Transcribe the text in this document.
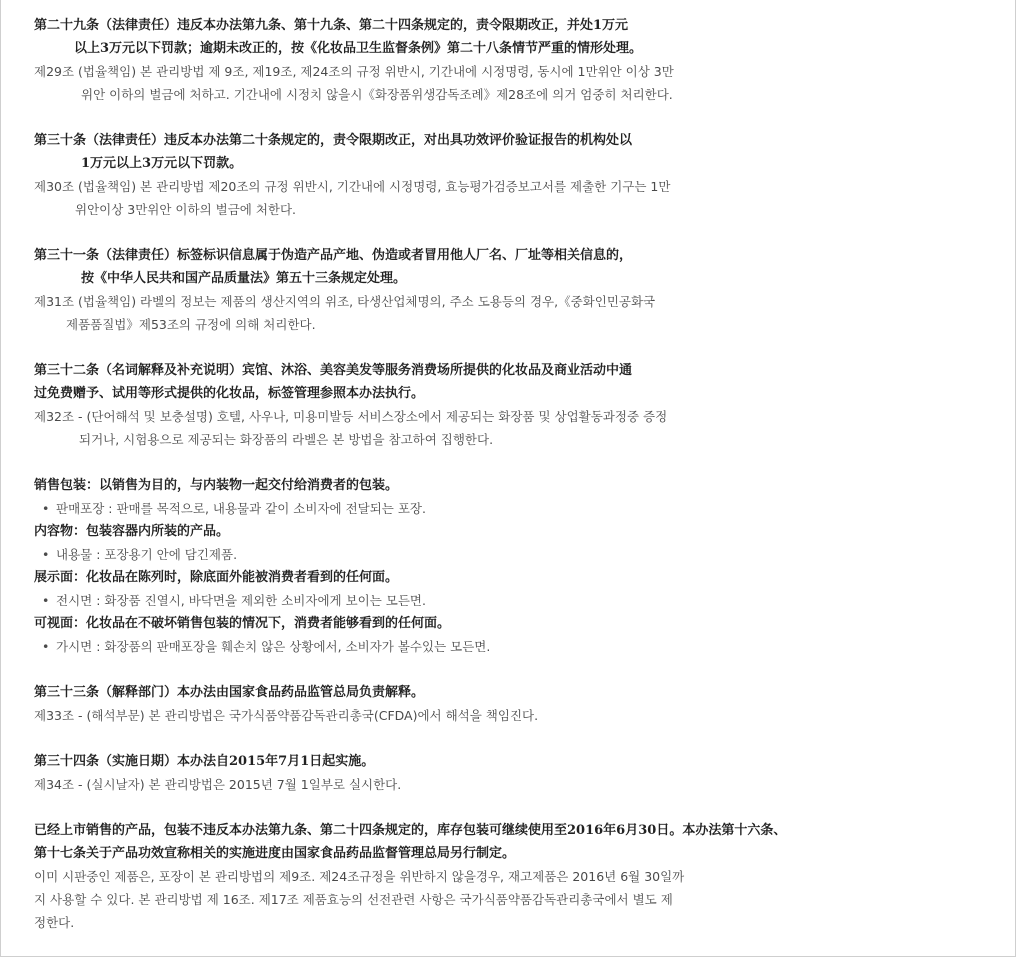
第二十九条（法律责任）违反本办法第九条、第十九条、第二十四条规定的，责令限期改正，并处1万元
以上3万元以下罚款；逾期未改正的，按《化妆品卫生监督条例》第二十八条情节严重的情形处理。
제29조 (법율책임) 본 관리방법 제 9조, 제19조, 제24조의 규정 위반시, 기간내에 시정명령, 동시에 1만위안 이상 3만
위안 이하의 벌금에 처하고. 기간내에 시정치 않을시《화장품위생감독조례》제28조에 의거 엄중히 처리한다.
第三十条（法律责任）违反本办法第二十条规定的，责令限期改正，对出具功效评价验证报告的机构处以
1万元以上3万元以下罚款。
제30조 (법율책임) 본 관리방법 제20조의 규정 위반시, 기간내에 시정명령, 효능평가검증보고서를 제출한 기구는 1만
위안이상 3만위안 이하의 벌금에 처한다.
第三十一条（法律责任）标签标识信息属于伪造产品产地、伪造或者冒用他人厂名、厂址等相关信息的，
按《中华人民共和国产品质量法》第五十三条规定处理。
제31조 (법율책임) 라벨의 정보는 제품의 생산지역의 위조, 타생산업체명의, 주소 도용등의 경우,《중화인민공화국
제품품질법》제53조의 규정에 의해 처리한다.
第三十二条（名词解释及补充说明）宾馆、沐浴、美容美发等服务消费场所提供的化妆品及商业活动中通
过免费赠予、试用等形式提供的化妆品，标签管理参照本办法执行。
제32조 - (단어해석 및 보충설명) 호텔, 사우나, 미용미발등 서비스장소에서 제공되는 화장품 및 상업활동과정중 증정
되거나, 시험용으로 제공되는 화장품의 라벨은 본 방법을 참고하여 집행한다.
销售包装：以销售为目的，与内装物一起交付给消费者的包装。
• 판매포장 : 판매를 목적으로, 내용물과 같이 소비자에 전달되는 포장.
内容物：包装容器内所装的产品。
• 내용물 : 포장용기 안에 담긴제품.
展示面：化妆品在陈列时，除底面外能被消费者看到的任何面。
• 전시면 : 화장품 진열시, 바닥면을 제외한 소비자에게 보이는 모든면.
可视面：化妆品在不破坏销售包装的情况下，消费者能够看到的任何面。
• 가시면 : 화장품의 판매포장을 훼손치 않은 상황에서, 소비자가 볼수있는 모든면.
第三十三条（解释部门）本办法由国家食品药品监管总局负责解释。
제33조 - (해석부문) 본 관리방법은 국가식품약품감독관리총국(CFDA)에서 해석을 책임진다.
第三十四条（实施日期）本办法自2015年7月1日起实施。
제34조 - (실시날자) 본 관리방법은 2015년 7월 1일부로 실시한다.
已经上市销售的产品，包装不违反本办法第九条、第二十四条规定的，库存包装可继续使用至2016年6月30日。本办法第十六条、
第十七条关于产品功效宣称相关的实施进度由国家食品药品监督管理总局另行制定。
이미 시판중인 제품은, 포장이 본 관리방법의 제9조. 제24조규정을 위반하지 않을경우, 재고제품은 2016년 6월 30일까
지 사용할 수 있다. 본 관리방법 제 16조. 제17조 제품효능의 선전관련 사항은 국가식품약품감독관리총국에서 별도 제
정한다.
